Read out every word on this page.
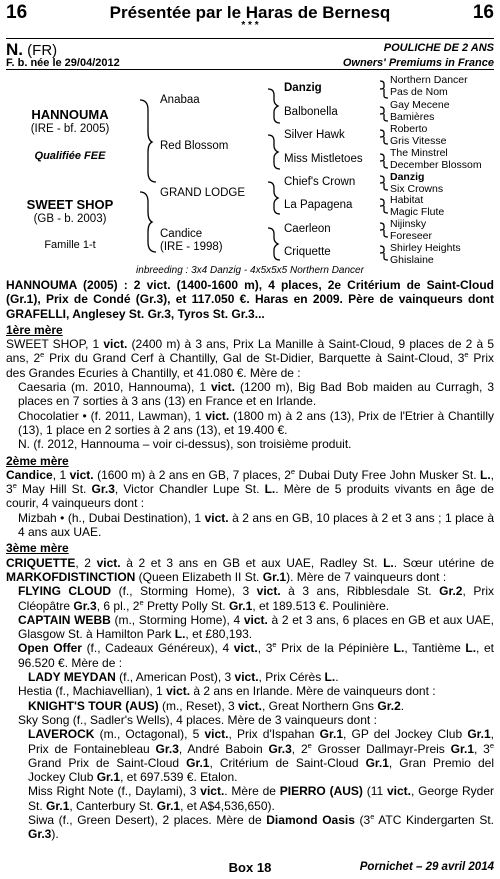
16	Présentée par le Haras de Bernesq
* * *
16
N. (FR)
F. b. née le 29/04/2012
POULICHE DE 2 ANS
Owners' Premiums in France
HANNOUMA
(IRE - bf. 2005)
Qualifiée FEE
SWEET SHOP
(GB - b. 2003)
Famille 1-t
Anabaa
Red Blossom
GRAND LODGE
Candice
(IRE - 1998)
Danzig
Balbonella
Silver Hawk
Miss Mistletoes
Chief's Crown
La Papagena
Caerleon
Criquette
Northern Dancer
Pas de Nom
Gay Mecene
Bamières
Roberto
Gris Vitesse
The Minstrel
December Blossom
Danzig
Six Crowns
Habitat
Magic Flute
Nijinsky
Foreseer
Shirley Heights
Ghislaine
inbreeding : 3x4 Danzig - 4x5x5x5 Northern Dancer

HANNOUMA (2005) : 2 vict. (1400-1600 m), 4 places, 2e Critérium de Saint-Cloud (Gr.1), Prix de Condé (Gr.3), et 117.050 €. Haras en 2009. Père de vainqueurs dont GRAFELLI, Anglesey St. Gr.3, Tyros St. Gr.3...

1ère mère

SWEET SHOP, 1 vict. (2400 m) à 3 ans, Prix La Manille à Saint-Cloud, 9 places de 2 à 5 ans, 2e Prix du Grand Cerf à Chantilly, Gal de St-Didier, Barquette à Saint-Cloud, 3e Prix des Grandes Ecuries à Chantilly, et 41.080 €. Mère de :

Caesaria (m. 2010, Hannouma), 1 vict. (1200 m), Big Bad Bob maiden au Curragh, 3 places en 7 sorties à 3 ans (13) en France et en Irlande.

Chocolatier • (f. 2011, Lawman), 1 vict. (1800 m) à 2 ans (13), Prix de l'Etrier à Chantilly (13), 1 place en 2 sorties à 2 ans (13), et 19.400 €.

N. (f. 2012, Hannouma – voir ci-dessus), son troisième produit.

2ème mère

Candice, 1 vict. (1600 m) à 2 ans en GB, 7 places, 2e Dubai Duty Free John Musker St. L., 3e May Hill St. Gr.3, Victor Chandler Lupe St. L.. Mère de 5 produits vivants en âge de courir, 4 vainqueurs dont :

Mizbah • (h., Dubai Destination), 1 vict. à 2 ans en GB, 10 places à 2 et 3 ans ; 1 place à 4 ans aux UAE.

3ème mère

CRIQUETTE, 2 vict. à 2 et 3 ans en GB et aux UAE, Radley St. L.. Sœur utérine de MARKOFDISTINCTION (Queen Elizabeth II St. Gr.1). Mère de 7 vainqueurs dont :

FLYING CLOUD (f., Storming Home), 3 vict. à 3 ans, Ribblesdale St. Gr.2, Prix Cléopâtre Gr.3, 6 pl., 2e Pretty Polly St. Gr.1, et 189.513 €. Poulinière.

CAPTAIN WEBB (m., Storming Home), 4 vict. à 2 et 3 ans, 6 places en GB et aux UAE, Glasgow St. à Hamilton Park L., et £80,193.

Open Offer (f., Cadeaux Généreux), 4 vict., 3e Prix de la Pépinière L., Tantième L., et 96.520 €. Mère de :

LADY MEYDAN (f., American Post), 3 vict., Prix Cérès L..

Hestia (f., Machiavellian), 1 vict. à 2 ans en Irlande. Mère de vainqueurs dont :

KNIGHT'S TOUR (AUS) (m., Reset), 3 vict., Great Northern Gns Gr.2.

Sky Song (f., Sadler's Wells), 4 places. Mère de 3 vainqueurs dont :

LAVEROCK (m., Octagonal), 5 vict., Prix d'Ispahan Gr.1, GP del Jockey Club Gr.1, Prix de Fontainebleau Gr.3, André Baboin Gr.3, 2e Grosser Dallmayr-Preis Gr.1, 3e Grand Prix de Saint-Cloud Gr.1, Critérium de Saint-Cloud Gr.1, Gran Premio del Jockey Club Gr.1, et 697.539 €. Etalon.

Miss Right Note (f., Daylami), 3 vict.. Mère de PIERRO (AUS) (11 vict., George Ryder St. Gr.1, Canterbury St. Gr.1, et A$4,536,650).

Siwa (f., Green Desert), 2 places. Mère de Diamond Oasis (3e ATC Kindergarten St. Gr.3).

Box 18	Pornichet – 29 avril 2014
